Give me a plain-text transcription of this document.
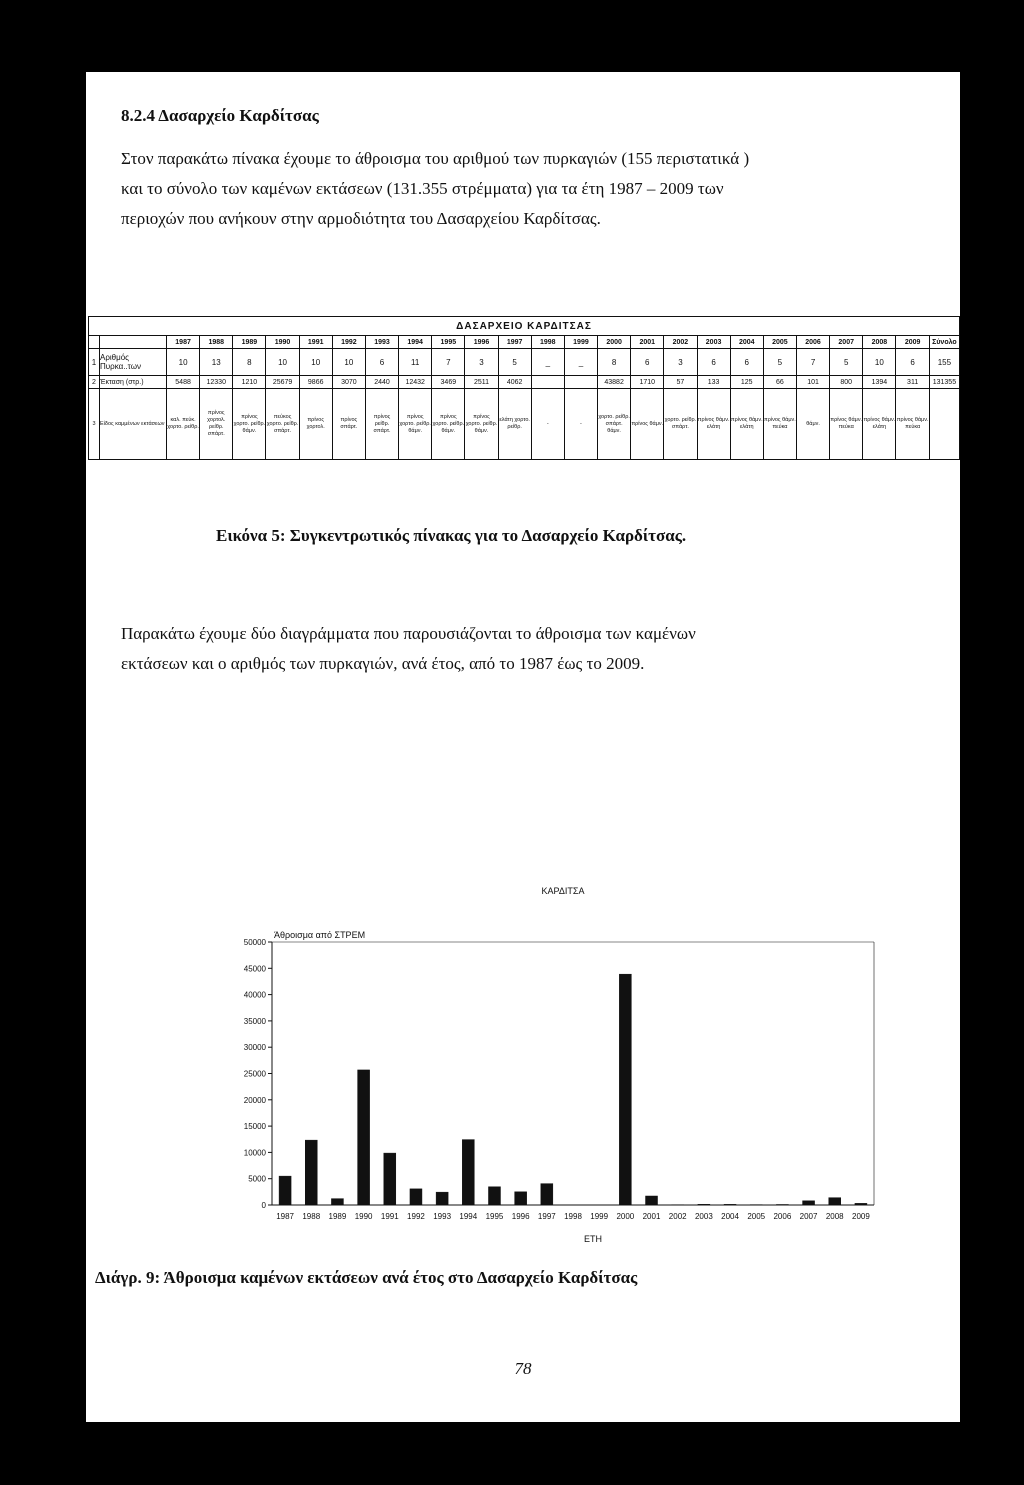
8.2.4 Δασαρχείο Καρδίτσας
Στον παρακάτω πίνακα έχουμε το άθροισμα του αριθμού των πυρκαγιών (155 περιστατικά )
και το σύνολο των καμένων εκτάσεων (131.355 στρέμματα) για τα έτη 1987 – 2009 των
περιοχών που ανήκουν στην αρμοδιότητα του Δασαρχείου Καρδίτσας.
ΔΑΣΑΡΧΕΙΟ ΚΑΡΔΙΤΣΑΣ																									
		1987	1988	1989	1990	1991	1992	1993	1994	1995	1996	1997	1998	1999	2000	2001	2002	2003	2004	2005	2006	2007	2008	2009	Σύνολο
1	Αριθμός Πυρκα..των	10	13	8	10	10	10	6	11	7	3	5	_	_	8	6	3	6	6	5	7	5	10	6	155
2	Έκταση (στρ.)	5488	12330	1210	25679	9866	3070	2440	12432	3469	2511	4062			43882	1710	57	133	125	66	101	800	1394	311	131355
3	Είδος καμμένων εκτάσεων	καλ. πεύκ. χορτο. ρείθρ.	πρίνος χορτολ. ρείθρ. σπάρτ.	πρίνος χορτο. ρείθρ. θάμν.	πεύκος χορτο. ρείθρ. σπάρτ.	πρίνος χορτολ.	πρίνος σπάρτ.	πρίνος ρείθρ. σπάρτ.	πρίνος χορτο. ρείθρ. θάμν.	πρίνος χορτο. ρείθρ. θάμν.	πρίνος χορτο. ρείθρ. θάμν.	ελάτη χορτο. ρείθρ.	-	-	χορτο. ρείθρ. σπάρτ. θάμν.	πρίνος θάμν.	χορτο. ρείθρ. σπάρτ.	πρίνος θάμν. ελάτη	πρίνος θάμν. ελάτη	πρίνος θάμν. πεύκα	θάμν.	πρίνος θάμν. πεύκα	πρίνος θάμν. ελάτη	πρίνος θάμν. πεύκα	
Εικόνα 5: Συγκεντρωτικός πίνακας για το Δασαρχείο Καρδίτσας.
Παρακάτω έχουμε δύο διαγράμματα που παρουσιάζονται το άθροισμα των καμένων
εκτάσεων και ο αριθμός των πυρκαγιών, ανά έτος, από το 1987 έως το 2009.
ΚΑΡΔΙΤΣΑ
Άθροισμα από ΣΤΡΕΜ
0
5000
10000
15000
20000
25000
30000
35000
40000
45000
50000
1987 1988 1989 1990 1991 1992 1993 1994 1995 1996 1997 1998 1999 2000 2001 2002 2003 2004 2005 2006 2007 2008 2009
ΕΤΗ
Διάγρ. 9: Άθροισμα καμένων εκτάσεων ανά έτος στο Δασαρχείο Καρδίτσας
78
